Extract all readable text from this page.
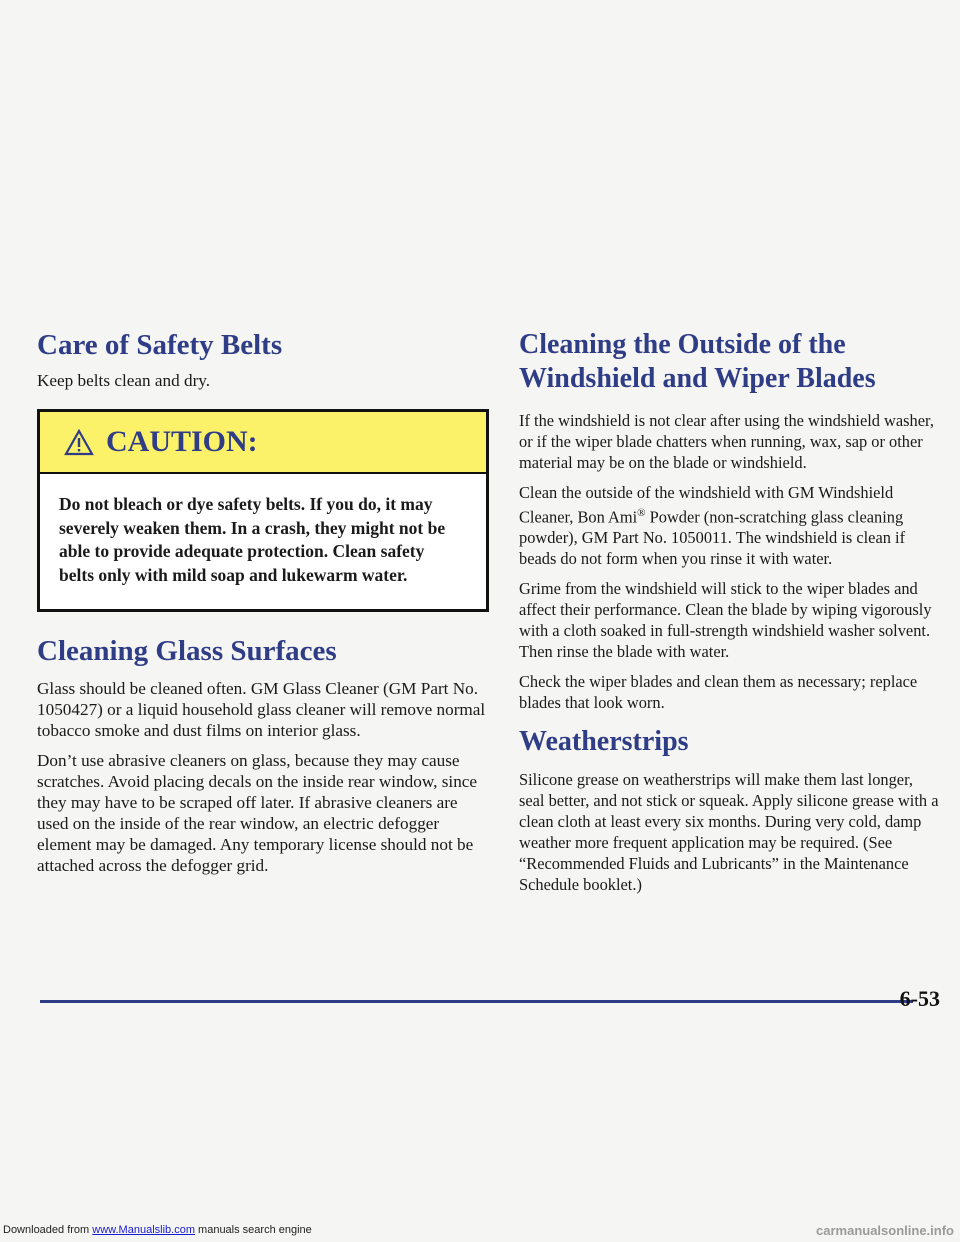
Care of Safety Belts

Keep belts clean and dry.

CAUTION:

Do not bleach or dye safety belts. If you do, it may severely weaken them. In a crash, they might not be able to provide adequate protection. Clean safety belts only with mild soap and lukewarm water.

Cleaning Glass Surfaces

Glass should be cleaned often. GM Glass Cleaner (GM Part No. 1050427) or a liquid household glass cleaner will remove normal tobacco smoke and dust films on interior glass.

Don’t use abrasive cleaners on glass, because they may cause scratches. Avoid placing decals on the inside rear window, since they may have to be scraped off later. If abrasive cleaners are used on the inside of the rear window, an electric defogger element may be damaged. Any temporary license should not be attached across the defogger grid.

Cleaning the Outside of the Windshield and Wiper Blades

If the windshield is not clear after using the windshield washer, or if the wiper blade chatters when running, wax, sap or other material may be on the blade or windshield.

Clean the outside of the windshield with GM Windshield Cleaner, Bon Ami® Powder (non-scratching glass cleaning powder), GM Part No. 1050011. The windshield is clean if beads do not form when you rinse it with water.

Grime from the windshield will stick to the wiper blades and affect their performance. Clean the blade by wiping vigorously with a cloth soaked in full-strength windshield washer solvent. Then rinse the blade with water.

Check the wiper blades and clean them as necessary; replace blades that look worn.

Weatherstrips

Silicone grease on weatherstrips will make them last longer, seal better, and not stick or squeak. Apply silicone grease with a clean cloth at least every six months. During very cold, damp weather more frequent application may be required. (See “Recommended Fluids and Lubricants” in the Maintenance Schedule booklet.)

6-53
Downloaded from www.Manualslib.com manuals search engine	carmanualsonline.info
